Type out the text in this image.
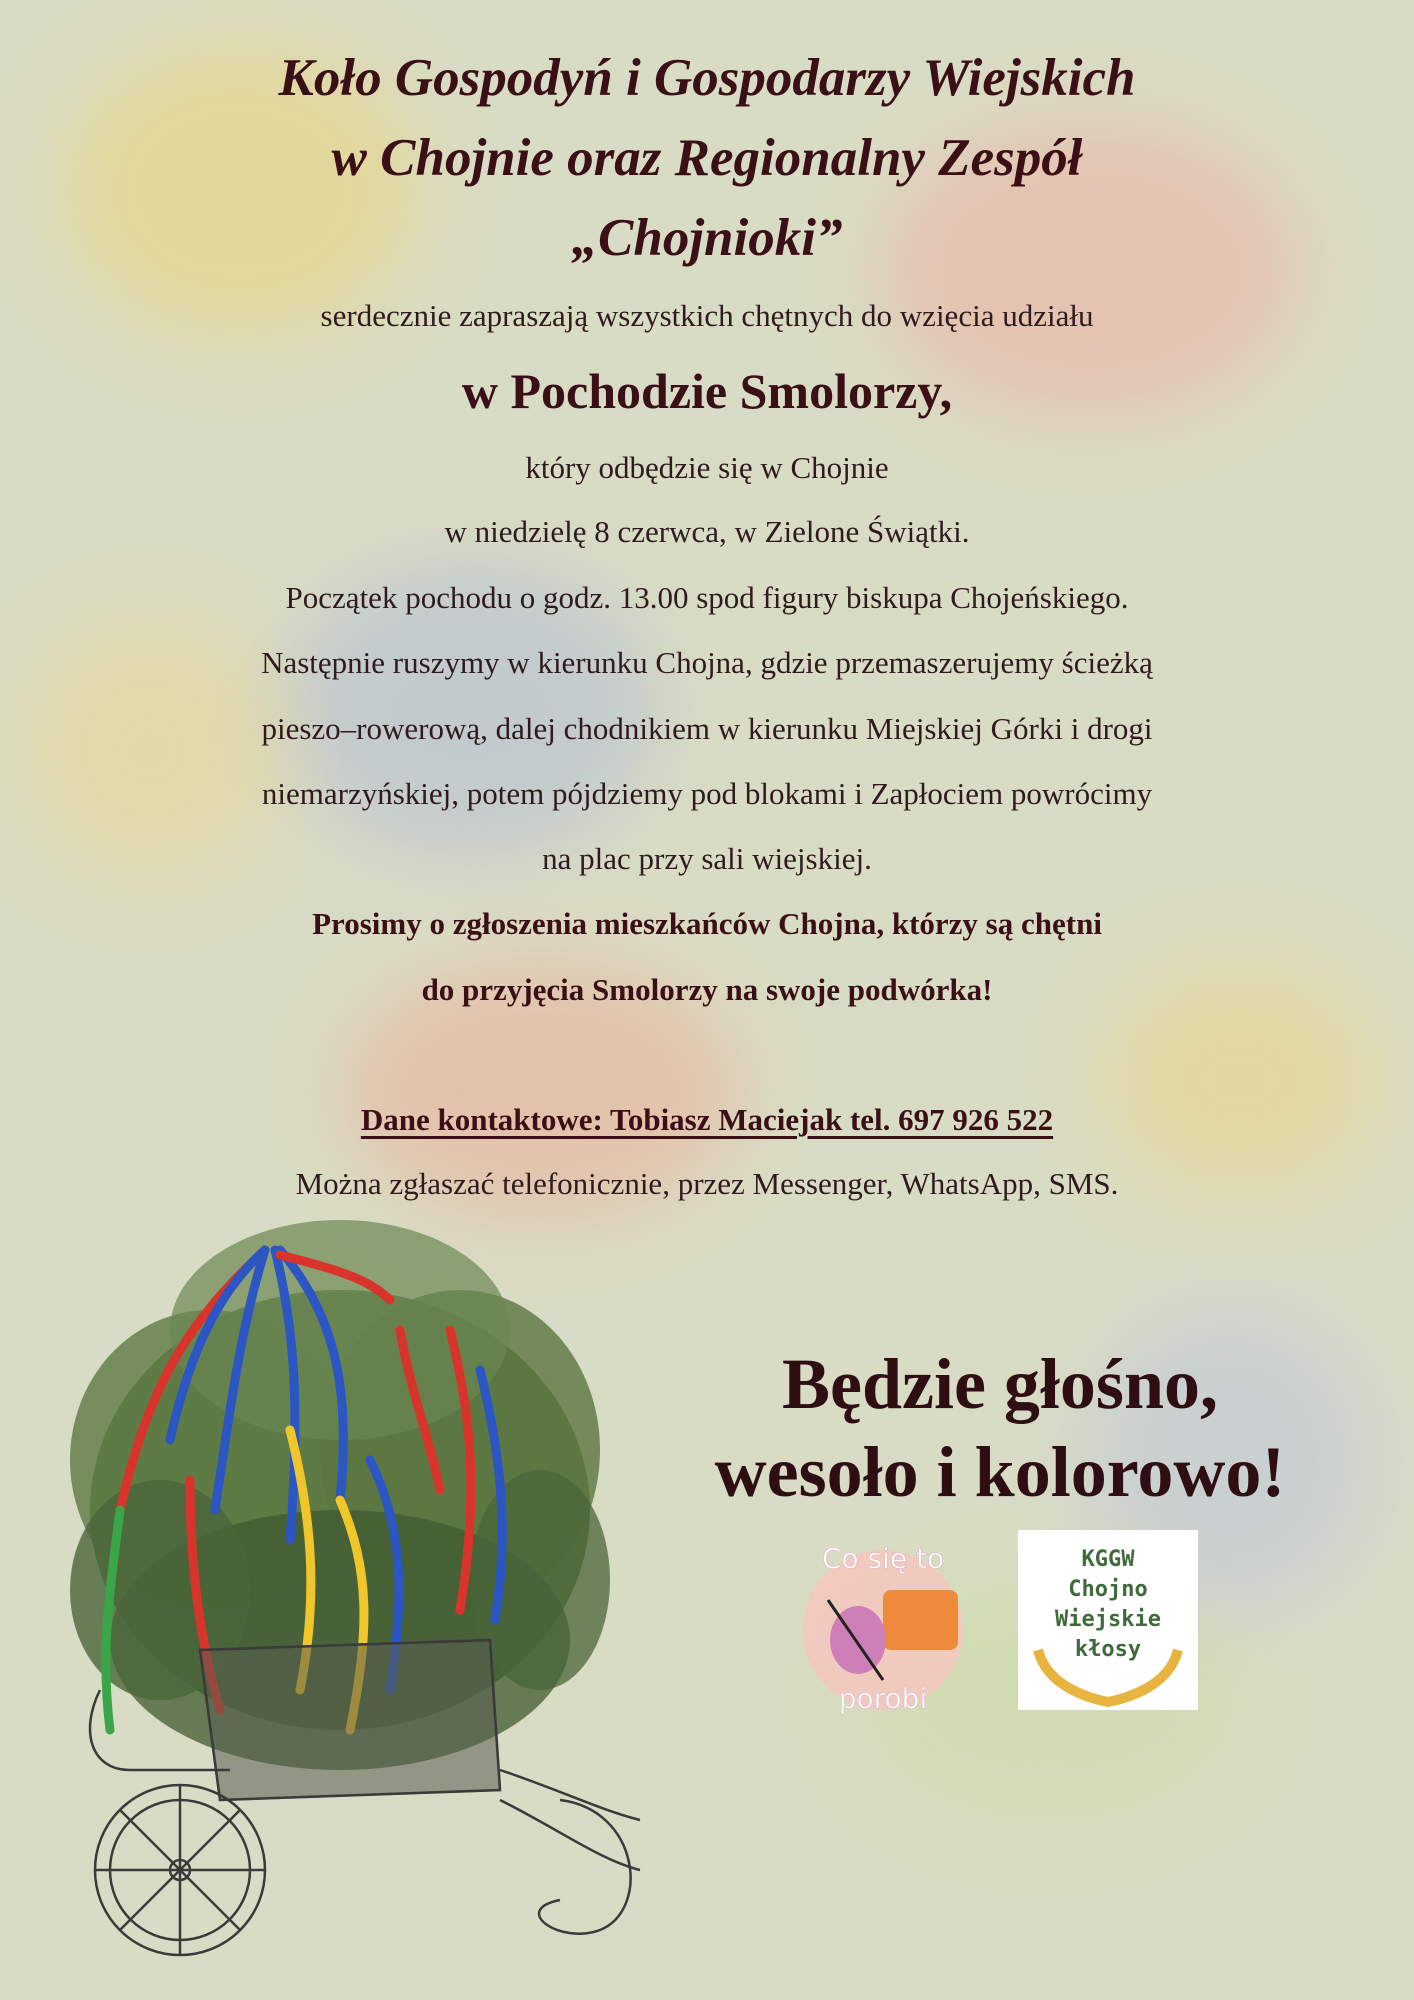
Koło Gospodyń i Gospodarzy Wiejskich
w Chojnie oraz Regionalny Zespół
„Chojnioki”
serdecznie zapraszają wszystkich chętnych do wzięcia udziału
w Pochodzie Smolorzy,
który odbędzie się w Chojnie
w niedzielę 8 czerwca, w Zielone Świątki.
Początek pochodu o godz. 13.00 spod figury biskupa Chojeńskiego.
Następnie ruszymy w kierunku Chojna, gdzie przemaszerujemy ścieżką
pieszo–rowerową, dalej chodnikiem w kierunku Miejskiej Górki i drogi
niemarzyńskiej, potem pójdziemy pod blokami i Zapłociem powrócimy
na plac przy sali wiejskiej.
Prosimy o zgłoszenia mieszkańców Chojna, którzy są chętni
do przyjęcia Smolorzy na swoje podwórka!
Dane kontaktowe: Tobiasz Maciejak tel. 697 926 522
Można zgłaszać telefonicznie, przez Messenger, WhatsApp, SMS.
Będzie głośno,
wesoło i kolorowo!
Co się to
porobi
KGGW
Chojno
Wiejskie
kłosy
